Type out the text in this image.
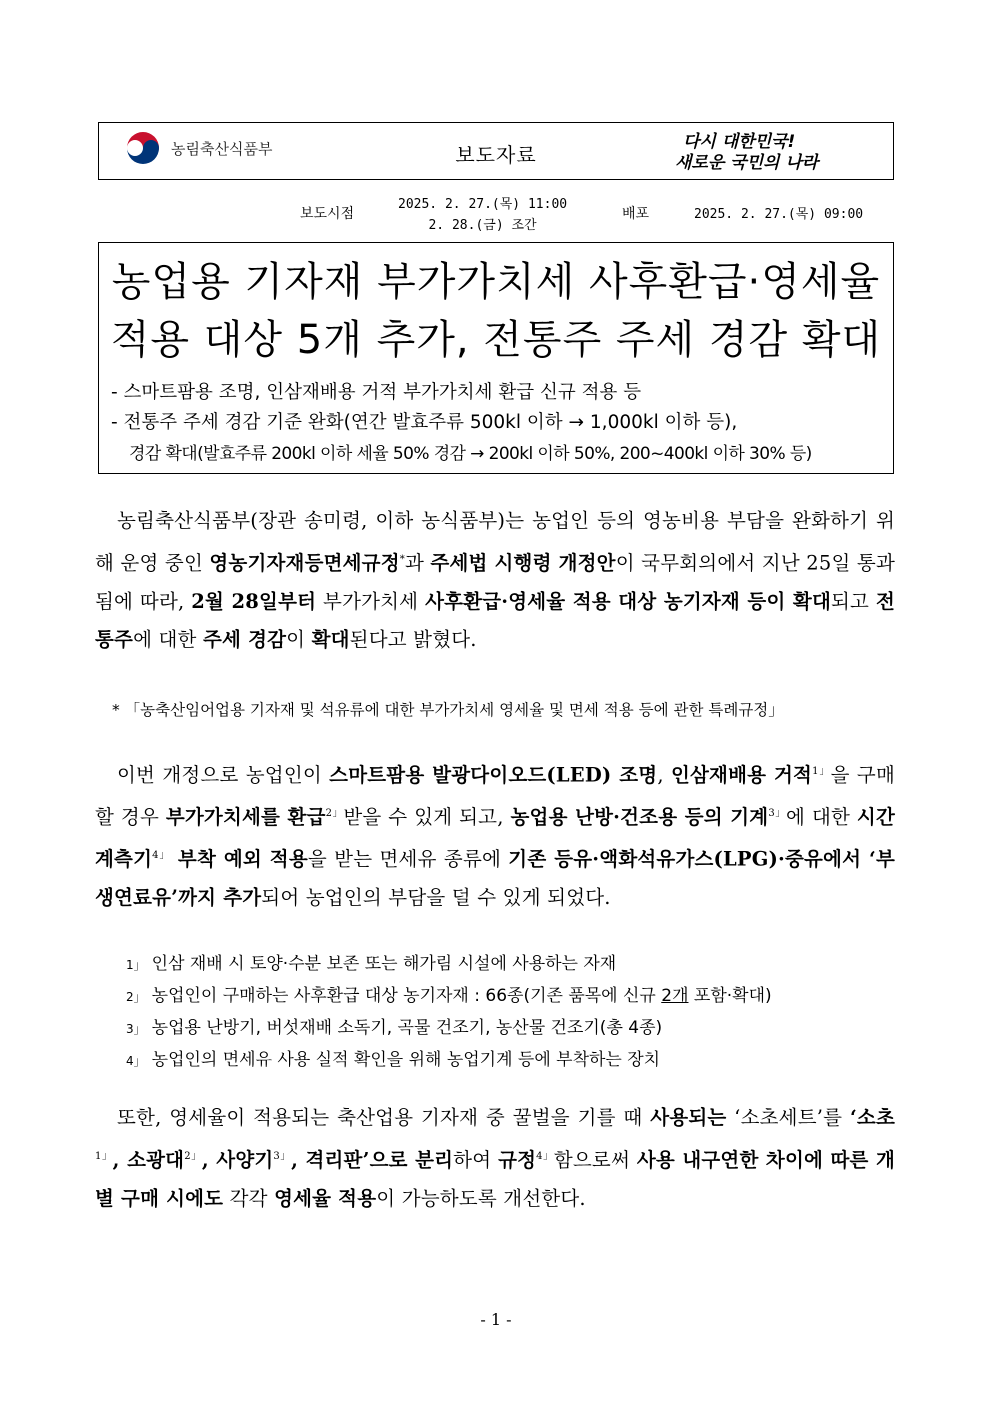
농림축산식품부	보도자료
다시 대한민국!
새로운 국민의 나라
보도시점
2025. 2. 27.(목) 11:00
2. 28.(금) 조간
배포	2025. 2. 27.(목) 09:00
농업용 기자재 부가가치세 사후환급·영세율
적용 대상 5개 추가, 전통주 주세 경감 확대
- 스마트팜용 조명, 인삼재배용 거적 부가가치세 환급 신규 적용 등
- 전통주 주세 경감 기준 완화(연간 발효주류 500kl 이하 → 1,000kl 이하 등),
경감 확대(발효주류 200kl 이하 세율 50% 경감 → 200kl 이하 50%, 200~400kl 이하 30% 등)
농림축산식품부(장관 송미령, 이하 농식품부)는 농업인 등의 영농비용 부담을 완화하기 위해 운영 중인 영농기자재등면세규정*과 주세법 시행령 개정안이 국무회의에서 지난 25일 통과됨에 따라, 2월 28일부터 부가가치세 사후환급·영세율 적용 대상 농기자재 등이 확대되고 전통주에 대한 주세 경감이 확대된다고 밝혔다.
* 「농축산임어업용 기자재 및 석유류에 대한 부가가치세 영세율 및 면세 적용 등에 관한 특례규정」
이번 개정으로 농업인이 스마트팜용 발광다이오드(LED) 조명, 인삼재배용 거적$^{1」}$을 구매할 경우 부가가치세를 환급$^{2」}$받을 수 있게 되고, 농업용 난방·건조용 등의 기계$^{3」}$에 대한 시간계측기$^{4」}$ 부착 예외 적용을 받는 면세유 종류에 기존 등유·액화석유가스(LPG)·중유에서 ‘부생연료유’까지 추가되어 농업인의 부담을 덜 수 있게 되었다.
1」 인삼 재배 시 토양·수분 보존 또는 해가림 시설에 사용하는 자재
2」 농업인이 구매하는 사후환급 대상 농기자재 : 66종(기존 품목에 신규 2개 포함·확대)
3」 농업용 난방기, 버섯재배 소독기, 곡물 건조기, 농산물 건조기(총 4종)
4」 농업인의 면세유 사용 실적 확인을 위해 농업기계 등에 부착하는 장치
또한, 영세율이 적용되는 축산업용 기자재 중 꿀벌을 기를 때 사용되는 ‘소초세트’를 ‘소초$^{1」}$, 소광대$^{2」}$, 사양기$^{3」}$, 격리판’으로 분리하여 규정$^{4」}$함으로써 사용 내구연한 차이에 따른 개별 구매 시에도 각각 영세율 적용이 가능하도록 개선한다.
- 1 -
